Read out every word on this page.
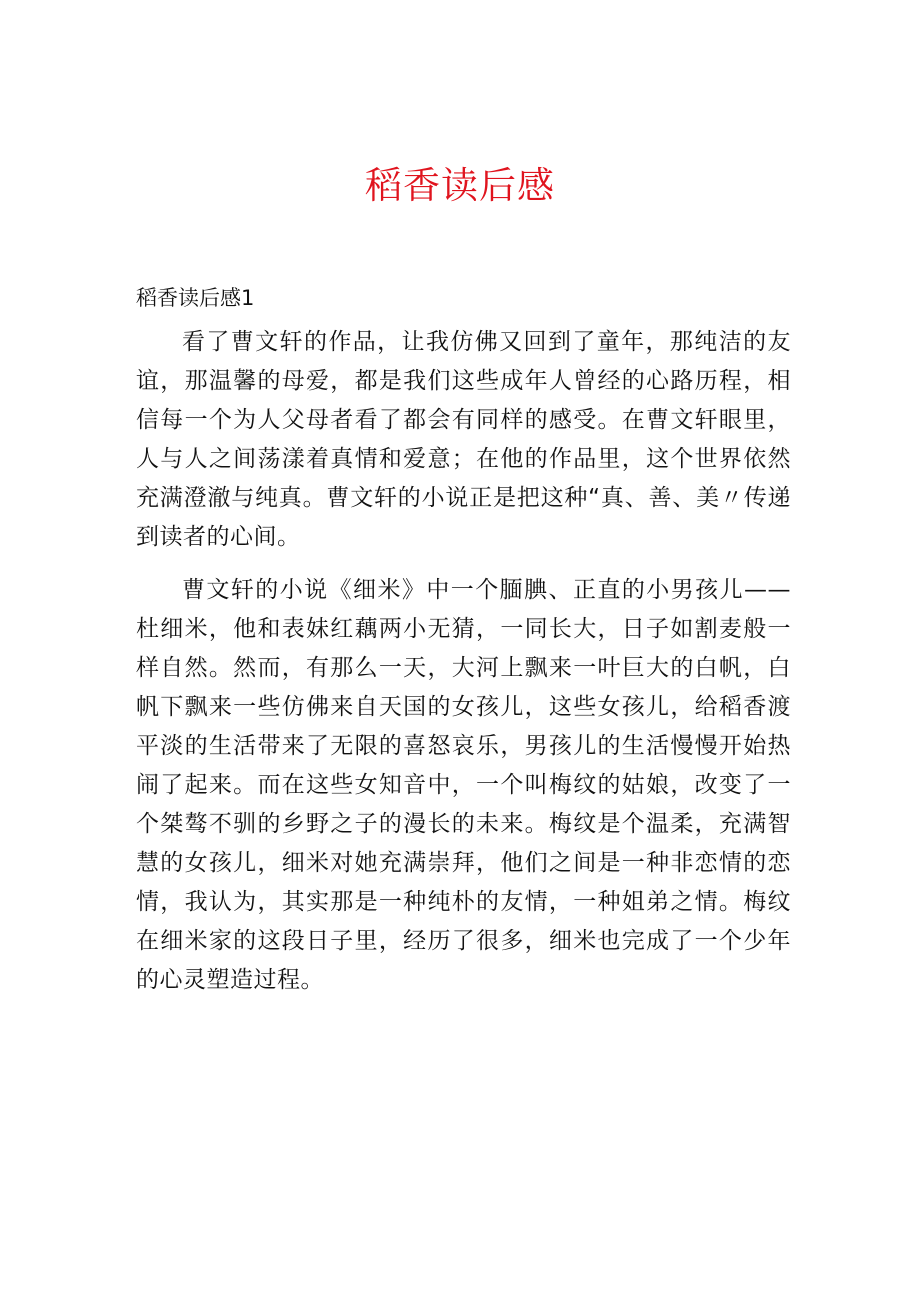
稻香读后感
稻香读后感1

看了曹文轩的作品，让我仿佛又回到了童年，那纯洁的友谊，那温馨的母爱，都是我们这些成年人曾经的心路历程，相信每一个为人父母者看了都会有同样的感受。在曹文轩眼里，人与人之间荡漾着真情和爱意；在他的作品里，这个世界依然充满澄澈与纯真。曹文轩的小说正是把这种“真、善、美〃传递到读者的心间。

曹文轩的小说《细米》中一个腼腆、正直的小男孩儿——杜细米，他和表妹红藕两小无猜，一同长大，日子如割麦般一样自然。然而，有那么一天，大河上飘来一叶巨大的白帆，白帆下飘来一些仿佛来自天国的女孩儿，这些女孩儿，给稻香渡平淡的生活带来了无限的喜怒哀乐，男孩儿的生活慢慢开始热闹了起来。而在这些女知音中，一个叫梅纹的姑娘，改变了一个桀骜不驯的乡野之子的漫长的未来。梅纹是个温柔，充满智慧的女孩儿，细米对她充满崇拜，他们之间是一种非恋情的恋情，我认为，其实那是一种纯朴的友情，一种姐弟之情。梅纹在细米家的这段日子里，经历了很多，细米也完成了一个少年的心灵塑造过程。
